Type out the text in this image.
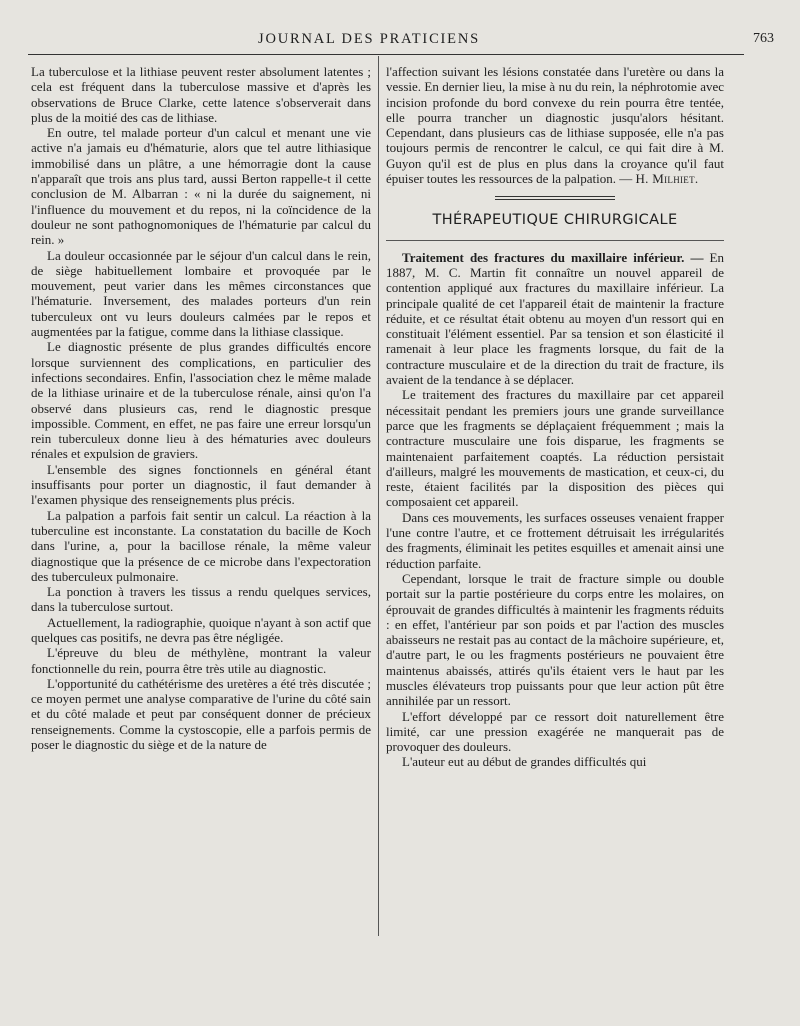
JOURNAL DES PRATICIENS	763

La tuberculose et la lithiase peuvent rester absolument latentes ; cela est fréquent dans la tuberculose massive et d'après les observations de Bruce Clarke, cette latence s'observerait dans plus de la moitié des cas de lithiase.

En outre, tel malade porteur d'un calcul et menant une vie active n'a jamais eu d'hématurie, alors que tel autre lithiasique immobilisé dans un plâtre, a une hémorragie dont la cause n'apparaît que trois ans plus tard, aussi Berton rappelle-t il cette conclusion de M. Albarran : « ni la durée du saignement, ni l'influence du mouvement et du repos, ni la coïncidence de la douleur ne sont pathognomoniques de l'hématurie par calcul du rein. »

La douleur occasionnée par le séjour d'un calcul dans le rein, de siège habituellement lombaire et provoquée par le mouvement, peut varier dans les mêmes circonstances que l'hématurie. Inversement, des malades porteurs d'un rein tuberculeux ont vu leurs douleurs calmées par le repos et augmentées par la fatigue, comme dans la lithiase classique.

Le diagnostic présente de plus grandes difficultés encore lorsque surviennent des complications, en particulier des infections secondaires. Enfin, l'association chez le même malade de la lithiase urinaire et de la tuberculose rénale, ainsi qu'on l'a observé dans plusieurs cas, rend le diagnostic presque impossible. Comment, en effet, ne pas faire une erreur lorsqu'un rein tuberculeux donne lieu à des hématuries avec douleurs rénales et expulsion de graviers.

L'ensemble des signes fonctionnels en général étant insuffisants pour porter un diagnostic, il faut demander à l'examen physique des renseignements plus précis.

La palpation a parfois fait sentir un calcul. La réaction à la tuberculine est inconstante. La constatation du bacille de Koch dans l'urine, a, pour la bacillose rénale, la même valeur diagnostique que la présence de ce microbe dans l'expectoration des tuberculeux pulmonaire.

La ponction à travers les tissus a rendu quelques services, dans la tuberculose surtout.

Actuellement, la radiographie, quoique n'ayant à son actif que quelques cas positifs, ne devra pas être négligée.

L'épreuve du bleu de méthylène, montrant la valeur fonctionnelle du rein, pourra être très utile au diagnostic.

L'opportunité du cathétérisme des uretères a été très discutée ; ce moyen permet une analyse comparative de l'urine du côté sain et du côté malade et peut par conséquent donner de précieux renseignements. Comme la cystoscopie, elle a parfois permis de poser le diagnostic du siège et de la nature de

l'affection suivant les lésions constatée dans l'uretère ou dans la vessie. En dernier lieu, la mise à nu du rein, la néphrotomie avec incision profonde du bord convexe du rein pourra être tentée, elle pourra trancher un diagnostic jusqu'alors hésitant. Cependant, dans plusieurs cas de lithiase supposée, elle n'a pas toujours permis de rencontrer le calcul, ce qui fait dire à M. Guyon qu'il est de plus en plus dans la croyance qu'il faut épuiser toutes les ressources de la palpation. — H. Milhiet.

THÉRAPEUTIQUE CHIRURGICALE

Traitement des fractures du maxillaire inférieur. — En 1887, M. C. Martin fit connaître un nouvel appareil de contention appliqué aux fractures du maxillaire inférieur. La principale qualité de cet l'appareil était de maintenir la fracture réduite, et ce résultat était obtenu au moyen d'un ressort qui en constituait l'élément essentiel. Par sa tension et son élasticité il ramenait à leur place les fragments lorsque, du fait de la contracture musculaire et de la direction du trait de fracture, ils avaient de la tendance à se déplacer.

Le traitement des fractures du maxillaire par cet appareil nécessitait pendant les premiers jours une grande surveillance parce que les fragments se déplaçaient fréquemment ; mais la contracture musculaire une fois disparue, les fragments se maintenaient parfaitement coaptés. La réduction persistait d'ailleurs, malgré les mouvements de mastication, et ceux-ci, du reste, étaient facilités par la disposition des pièces qui composaient cet appareil.

Dans ces mouvements, les surfaces osseuses venaient frapper l'une contre l'autre, et ce frottement détruisait les irrégularités des fragments, éliminait les petites esquilles et amenait ainsi une réduction parfaite.

Cependant, lorsque le trait de fracture simple ou double portait sur la partie postérieure du corps entre les molaires, on éprouvait de grandes difficultés à maintenir les fragments réduits : en effet, l'antérieur par son poids et par l'action des muscles abaisseurs ne restait pas au contact de la mâchoire supérieure, et, d'autre part, le ou les fragments postérieurs ne pouvaient être maintenus abaissés, attirés qu'ils étaient vers le haut par les muscles élévateurs trop puissants pour que leur action pût être annihilée par un ressort.

L'effort développé par ce ressort doit naturellement être limité, car une pression exagérée ne manquerait pas de provoquer des douleurs.

L'auteur eut au début de grandes difficultés qui
